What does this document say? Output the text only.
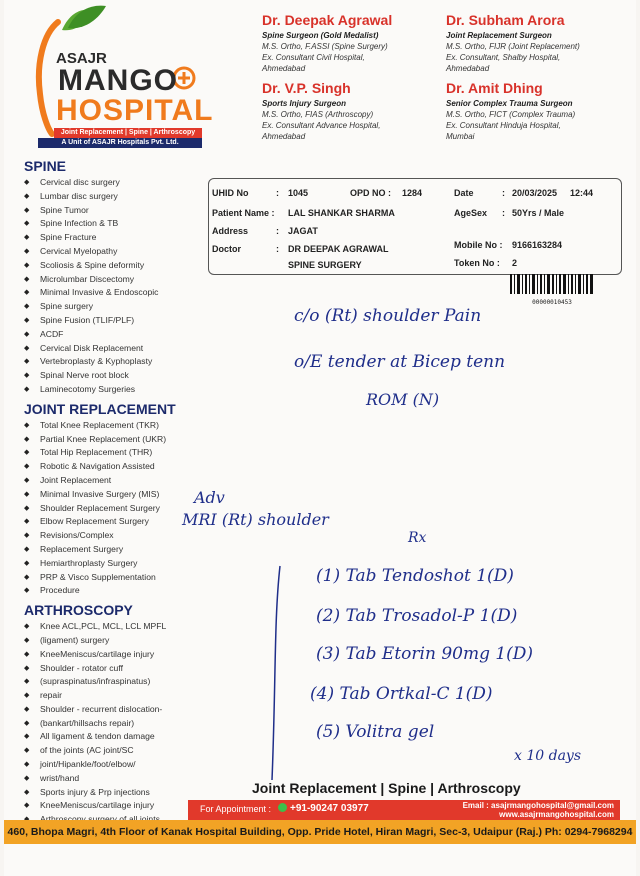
ASAJR
MANGO
HOSPITAL
Joint Replacement | Spine | Arthroscopy
A Unit of ASAJR Hospitals Pvt. Ltd.
Dr. Deepak Agrawal
Spine Surgeon (Gold Medalist)
M.S. Ortho, F.ASSI (Spine Surgery)
Ex. Consultant Civil Hospital,
Ahmedabad
Dr. Subham Arora
Joint Replacement Surgeon
M.S. Ortho, FIJR (Joint Replacement)
Ex. Consultant, Shalby Hospital,
Ahmedabad
Dr. V.P. Singh
Sports Injury Surgeon
M.S. Ortho, FIAS (Arthroscopy)
Ex. Consultant Advance Hospital,
Ahmedabad
Dr. Amit Dhing
Senior Complex Trauma Surgeon
M.S. Ortho, FICT (Complex Trauma)
Ex. Consultant Hinduja Hospital,
Mumbai
SPINE
◆ Cervical disc surgery
◆ Lumbar disc surgery
◆ Spine Tumor
◆ Spine Infection & TB
◆ Spine Fracture
◆ Cervical Myelopathy
◆ Scoliosis & Spine deformity
◆ Microlumbar Discectomy
◆ Minimal Invasive & Endoscopic
◆ Spine surgery
◆ Spine Fusion (TLIF/PLF)
◆ ACDF
◆ Cervical Disk Replacement
◆ Vertebroplasty & Kyphoplasty
◆ Spinal Nerve root block
◆ Laminecotomy Surgeries
JOINT REPLACEMENT
◆ Total Knee Replacement (TKR)
◆ Partial Knee Replacement (UKR)
◆ Total Hip Replacement (THR)
◆ Robotic & Navigation Assisted
◆ Joint Replacement
◆ Minimal Invasive Surgery (MIS)
◆ Shoulder Replacement Surgery
◆ Elbow Replacement Surgery
◆ Revisions/Complex
◆ Replacement Surgery
◆ Hemiarthroplasty Surgery
◆ PRP & Visco Supplementation
◆ Procedure
ARTHROSCOPY
◆ Knee ACL,PCL, MCL, LCL MPFL
◆ (ligament) surgery
◆ KneeMeniscus/cartilage injury
◆ Shoulder - rotator cuff
◆ (supraspinatus/infraspinatus)
◆ repair
◆ Shoulder - recurrent dislocation-
◆ (bankart/hillsachs repair)
◆ All ligament & tendon damage
◆ of the joints (AC joint/SC
◆ joint/Hipankle/foot/elbow/
◆ wrist/hand
◆ Sports injury & Prp injections
◆ KneeMeniscus/cartilage injury
◆
UHID No	: 1045	OPD NO : 1284	Date	: 20/03/2025 12:44
Patient Name : LAL SHANKAR SHARMA	AgeSex : 50Yrs / Male
Address	: JAGAT
Doctor	: DR DEEPAK AGRAWAL	Mobile No : 9166163284
SPINE SURGERY	Token No : 2
00000010453
c/o (Rt) shoulder Pain
o/E tender at Bicep tenn
ROM (N)
Adv
MRI (Rt) shoulder
Rx
(1) Tab Tendoshot 1(D)
(2) Tab Trosadol-P 1(D)
(3) Tab Etorin 90mg 1(D)
(4) Tab Ortkal-C 1(D)
(5) Volitra gel
x 10 days
Joint Replacement | Spine | Arthroscopy
For Appointment :	+91-90247 03977	Email : asajrmangohospital@gmail.com
www.asajrmangohospital.com
460, Bhopa Magri, 4th Floor of Kanak Hospital Building, Opp. Pride Hotel, Hiran Magri, Sec-3, Udaipur (Raj.) Ph: 0294-7968294
